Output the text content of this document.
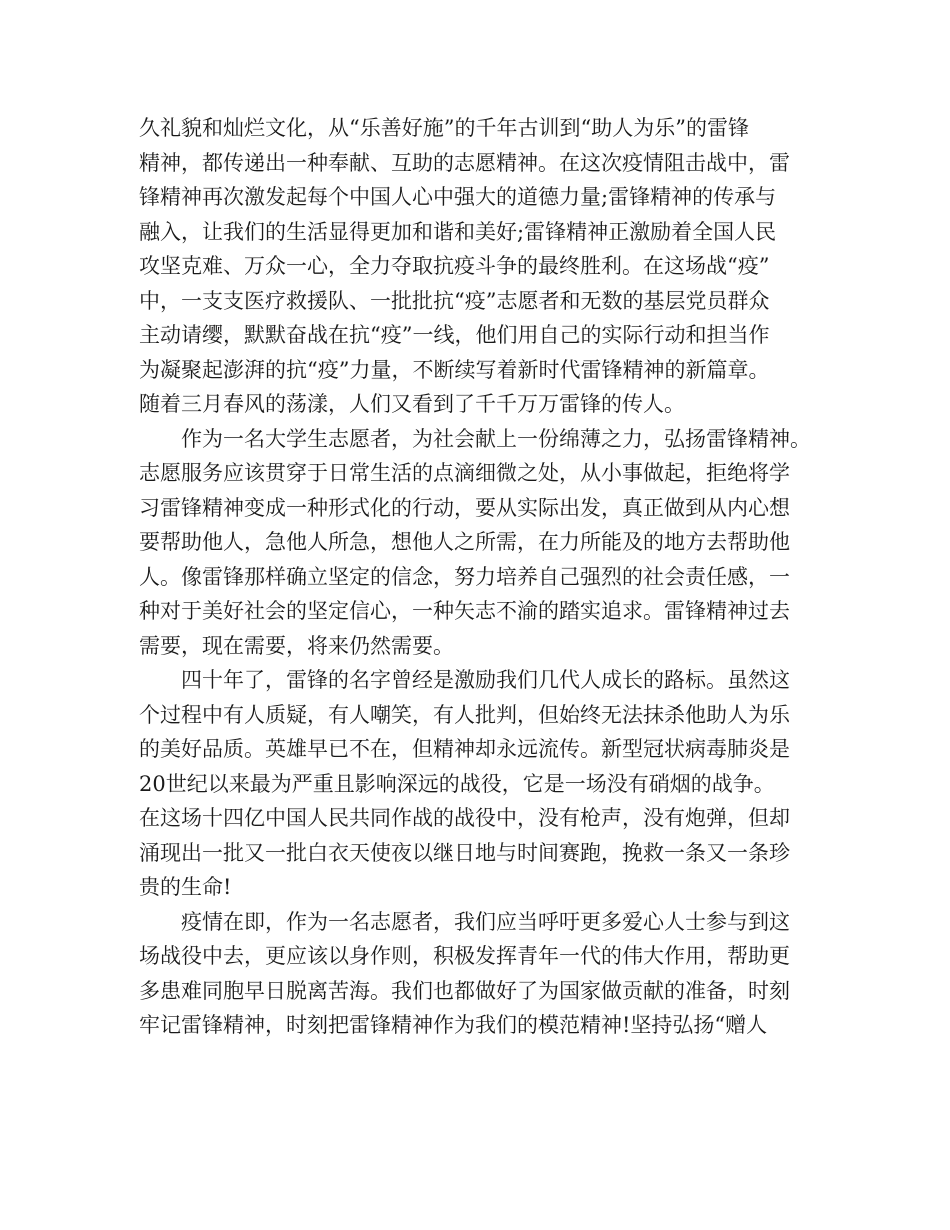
久礼貌和灿烂文化，从“乐善好施”的千年古训到“助人为乐”的雷锋
精神，都传递出一种奉献、互助的志愿精神。在这次疫情阻击战中，雷
锋精神再次激发起每个中国人心中强大的道德力量;雷锋精神的传承与
融入，让我们的生活显得更加和谐和美好;雷锋精神正激励着全国人民
攻坚克难、万众一心，全力夺取抗疫斗争的最终胜利。在这场战“疫”
中，一支支医疗救援队、一批批抗“疫”志愿者和无数的基层党员群众
主动请缨，默默奋战在抗“疫”一线，他们用自己的实际行动和担当作
为凝聚起澎湃的抗“疫”力量，不断续写着新时代雷锋精神的新篇章。
随着三月春风的荡漾，人们又看到了千千万万雷锋的传人。
作为一名大学生志愿者，为社会献上一份绵薄之力，弘扬雷锋精神。
志愿服务应该贯穿于日常生活的点滴细微之处，从小事做起，拒绝将学
习雷锋精神变成一种形式化的行动，要从实际出发，真正做到从内心想
要帮助他人，急他人所急，想他人之所需，在力所能及的地方去帮助他
人。像雷锋那样确立坚定的信念，努力培养自己强烈的社会责任感，一
种对于美好社会的坚定信心，一种矢志不渝的踏实追求。雷锋精神过去
需要，现在需要，将来仍然需要。
四十年了，雷锋的名字曾经是激励我们几代人成长的路标。虽然这
个过程中有人质疑，有人嘲笑，有人批判，但始终无法抹杀他助人为乐
的美好品质。英雄早已不在，但精神却永远流传。新型冠状病毒肺炎是
20世纪以来最为严重且影响深远的战役，它是一场没有硝烟的战争。
在这场十四亿中国人民共同作战的战役中，没有枪声，没有炮弹，但却
涌现出一批又一批白衣天使夜以继日地与时间赛跑，挽救一条又一条珍
贵的生命!
疫情在即，作为一名志愿者，我们应当呼吁更多爱心人士参与到这
场战役中去，更应该以身作则，积极发挥青年一代的伟大作用，帮助更
多患难同胞早日脱离苦海。我们也都做好了为国家做贡献的准备，时刻
牢记雷锋精神，时刻把雷锋精神作为我们的模范精神!坚持弘扬“赠人
